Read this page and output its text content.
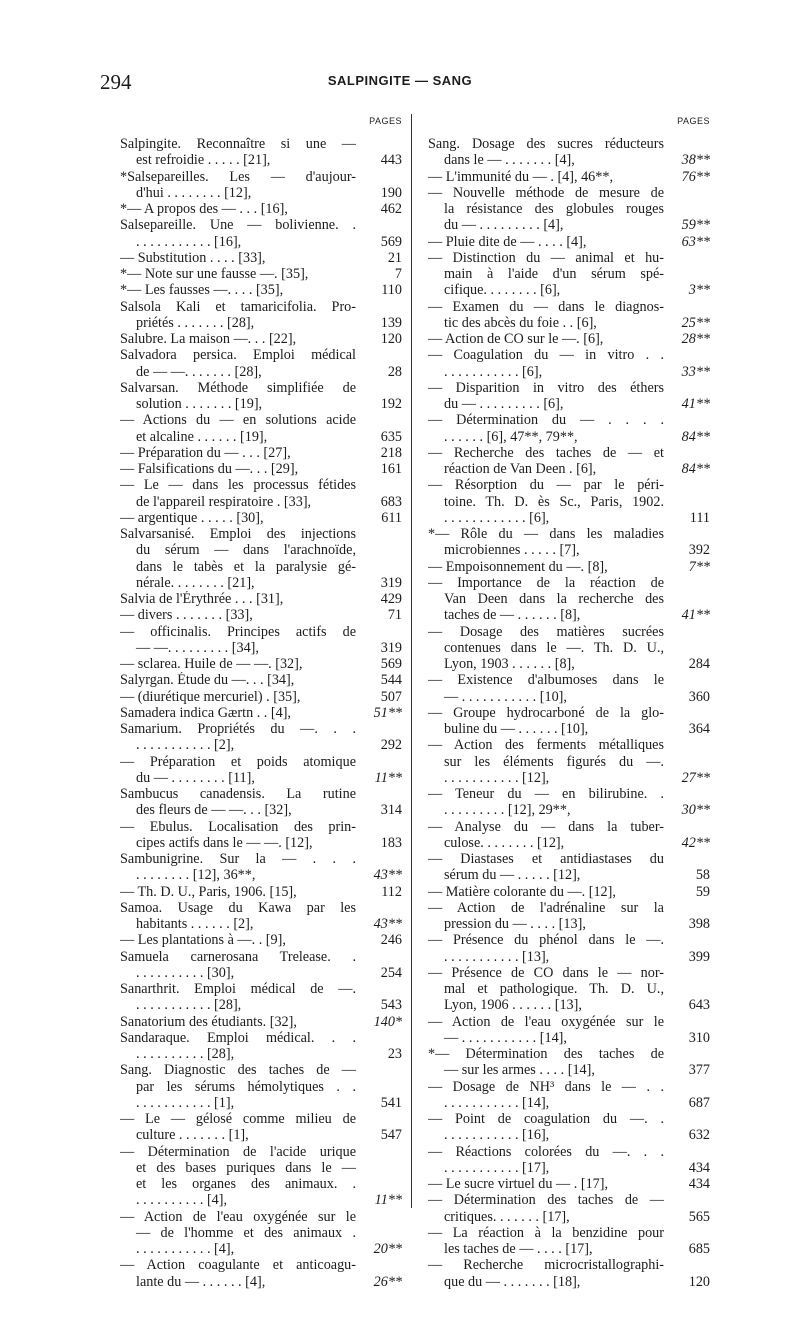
294	SALPINGITE — SANG
PAGES
Salpingite. Reconnaître si une —
est refroidie . . . . . [21],	443
*Salsepareilles. Les — d'aujour-
d'hui . . . . . . . . [12],	190
*— A propos des — . . . [16],	462
Salsepareille. Une — bolivienne. .
. . . . . . . . . . . [16],	569
— Substitution . . . . [33],	21
*— Note sur une fausse —. [35],	7
*— Les fausses —. . . . [35],	110
Salsola Kali et tamaricifolia. Pro-
priétés . . . . . . . [28],	139
Salubre. La maison —. . . [22],	120
Salvadora persica. Emploi médical
de — —. . . . . . . [28],	28
Salvarsan. Méthode simplifiée de
solution . . . . . . . [19],	192
— Actions du — en solutions acide
et alcaline . . . . . . [19],	635
— Préparation du — . . . [27],	218
— Falsifications du —. . . [29],	161
— Le — dans les processus fétides
de l'appareil respiratoire . [33],	683
— argentique . . . . . [30],	611
Salvarsanisé. Emploi des injections
du sérum — dans l'arachnoïde,
dans le tabès et la paralysie gé-
nérale. . . . . . . . [21],	319
Salvia de l'Érythrée . . . [31],	429
— divers . . . . . . . [33],	71
— officinalis. Principes actifs de
— —. . . . . . . . . [34],	319
— sclarea. Huile de — —. [32],	569
Salyrgan. Étude du —. . . [34],	544
— (diurétique mercuriel) . [35],	507
Samadera indica Gærtn . . [4],	51**
Samarium. Propriétés du —. . .
. . . . . . . . . . . [2],	292
— Préparation et poids atomique
du — . . . . . . . . [11],	11**
Sambucus canadensis. La rutine
des fleurs de — —. . . [32],	314
— Ebulus. Localisation des prin-
cipes actifs dans le — —. [12],	183
Sambunigrine. Sur la — . . .
. . . . . . . . [12], 36**,	43**
— Th. D. U., Paris, 1906. [15],	112
Samoa. Usage du Kawa par les
habitants . . . . . . [2],	43**
— Les plantations à —. . [9],	246
Samuela carnerosana Trelease. .
. . . . . . . . . . [30],	254
Sanarthrit. Emploi médical de —.
. . . . . . . . . . . [28],	543
Sanatorium des étudiants. [32],	140*
Sandaraque. Emploi médical. . .
. . . . . . . . . . [28],	23
Sang. Diagnostic des taches de —
par les sérums hémolytiques . .
. . . . . . . . . . . [1],	541
— Le — gélosé comme milieu de
culture . . . . . . . [1],	547
— Détermination de l'acide urique
et des bases puriques dans le —
et les organes des animaux. .
. . . . . . . . . . [4],	11**
— Action de l'eau oxygénée sur le
— de l'homme et des animaux .
. . . . . . . . . . . [4],	20**
— Action coagulante et anticoagu-
lante du — . . . . . . [4],	26**
PAGES
Sang. Dosage des sucres réducteurs
dans le — . . . . . . . [4],	38**
— L'immunité du — . [4], 46**,	76**
— Nouvelle méthode de mesure de
la résistance des globules rouges
du — . . . . . . . . . [4],	59**
— Pluie dite de — . . . . [4],	63**
— Distinction du — animal et hu-
main à l'aide d'un sérum spé-
cifique. . . . . . . . [6],	3**
— Examen du — dans le diagnos-
tic des abcès du foie . . [6],	25**
— Action de CO sur le —. [6],	28**
— Coagulation du — in vitro . .
. . . . . . . . . . . [6],	33**
— Disparition in vitro des éthers
du — . . . . . . . . . [6],	41**
— Détermination du — . . . .
. . . . . . [6], 47**, 79**,	84**
— Recherche des taches de — et
réaction de Van Deen . [6],	84**
— Résorption du — par le péri-
toine. Th. D. ès Sc., Paris, 1902.
. . . . . . . . . . . . [6],	111
*— Rôle du — dans les maladies
microbiennes . . . . . [7],	392
— Empoisonnement du —. [8],	7**
— Importance de la réaction de
Van Deen dans la recherche des
taches de — . . . . . . [8],	41**
— Dosage des matières sucrées
contenues dans le —. Th. D. U.,
Lyon, 1903 . . . . . . [8],	284
— Existence d'albumoses dans le
— . . . . . . . . . . . [10],	360
— Groupe hydrocarboné de la glo-
buline du — . . . . . . [10],	364
— Action des ferments métalliques
sur les éléments figurés du —.
. . . . . . . . . . . [12],	27**
— Teneur du — en bilirubine. .
. . . . . . . . . [12], 29**,	30**
— Analyse du — dans la tuber-
culose. . . . . . . . [12],	42**
— Diastases et antidiastases du
sérum du — . . . . . [12],	58
— Matière colorante du —. [12],	59
— Action de l'adrénaline sur la
pression du — . . . . [13],	398
— Présence du phénol dans le —.
. . . . . . . . . . . [13],	399
— Présence de CO dans le — nor-
mal et pathologique. Th. D. U.,
Lyon, 1906 . . . . . . [13],	643
— Action de l'eau oxygénée sur le
— . . . . . . . . . . . [14],	310
*— Détermination des taches de
— sur les armes . . . . [14],	377
— Dosage de NH³ dans le — . .
. . . . . . . . . . . [14],	687
— Point de coagulation du —. .
. . . . . . . . . . . [16],	632
— Réactions colorées du —. . .
. . . . . . . . . . . [17],	434
— Le sucre virtuel du — . [17],	434
— Détermination des taches de —
critiques. . . . . . . [17],	565
— La réaction à la benzidine pour
les taches de — . . . . [17],	685
— Recherche microcristallographi-
que du — . . . . . . . [18],	120
